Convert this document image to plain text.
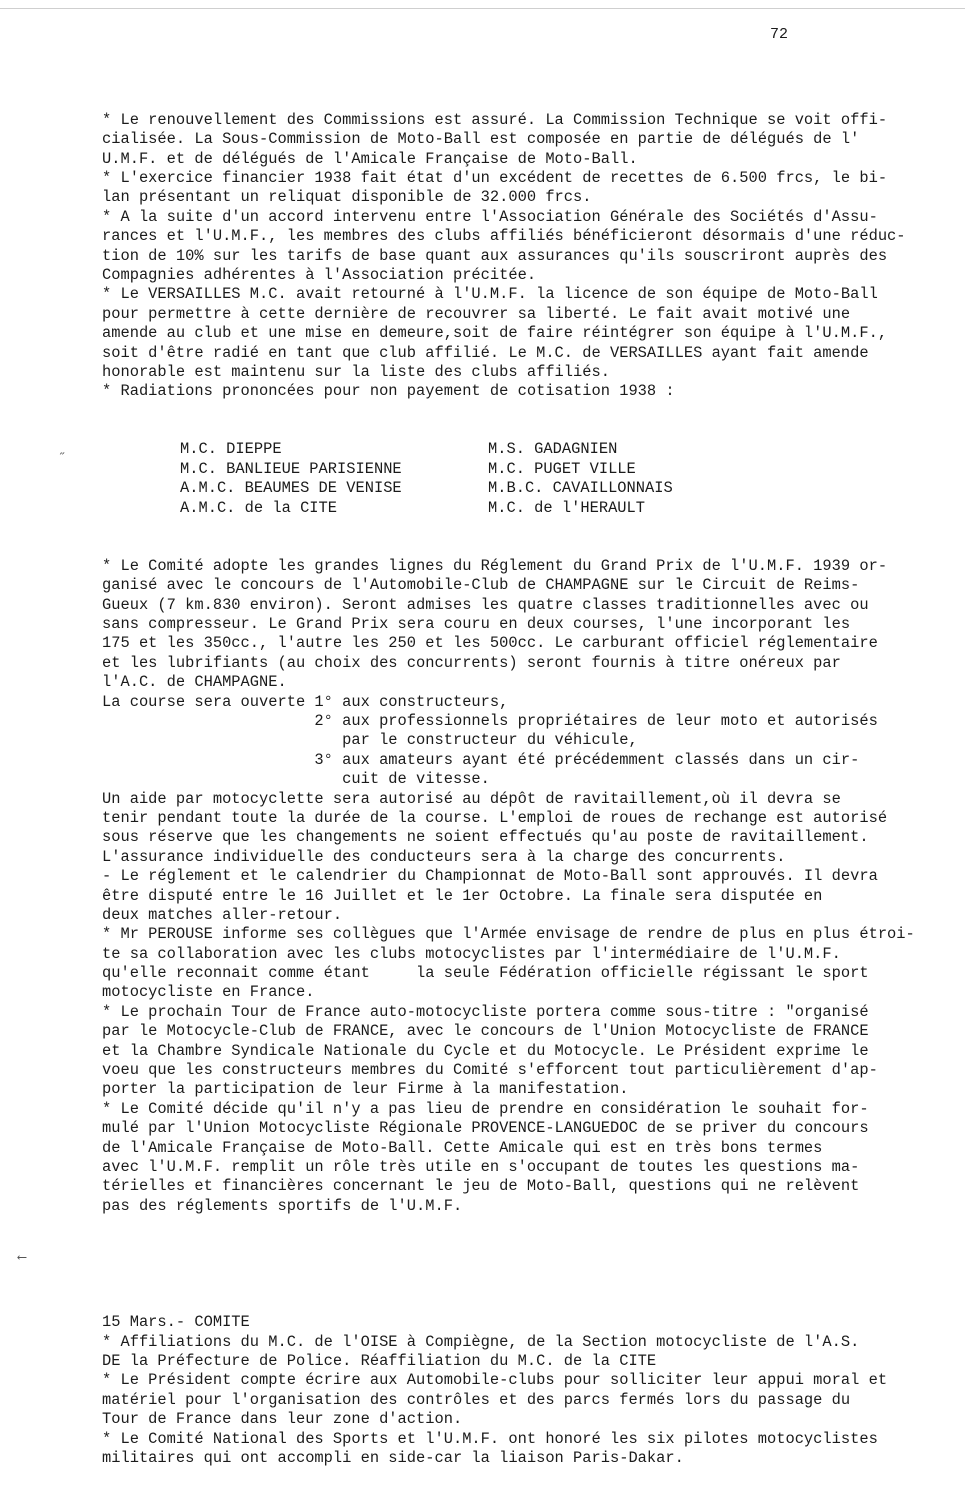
72

* Le renouvellement des Commissions est assuré. La Commission Technique se voit offi-
cialisée. La Sous-Commission de Moto-Ball est composée en partie de délégués de l'
U.M.F. et de délégués de l'Amicale Française de Moto-Ball.
* L'exercice financier 1938 fait état d'un excédent de recettes de 6.500 frcs, le bi-
lan présentant un reliquat disponible de 32.000 frcs.
* A la suite d'un accord intervenu entre l'Association Générale des Sociétés d'Assu-
rances et l'U.M.F., les membres des clubs affiliés bénéficieront désormais d'une réduc-
tion de 10% sur les tarifs de base quant aux assurances qu'ils souscriront auprès des
Compagnies adhérentes à l'Association précitée.
* Le VERSAILLES M.C. avait retourné à l'U.M.F. la licence de son équipe de Moto-Ball
pour permettre à cette dernière de recouvrer sa liberté. Le fait avait motivé une
amende au club et une mise en demeure,soit de faire réintégrer son équipe à l'U.M.F.,
soit d'être radié en tant que club affilié. Le M.C. de VERSAILLES ayant fait amende
honorable est maintenu sur la liste des clubs affiliés.
* Radiations prononcées pour non payement de cotisation 1938 :

M.C. DIEPPE	M.S. GADAGNIEN
M.C. BANLIEUE PARISIENNE	M.C. PUGET VILLE
A.M.C. BEAUMES DE VENISE	M.B.C. CAVAILLONNAIS
A.M.C. de la CITE	M.C. de l'HERAULT

* Le Comité adopte les grandes lignes du Réglement du Grand Prix de l'U.M.F. 1939 or-
ganisé avec le concours de l'Automobile-Club de CHAMPAGNE sur le Circuit de Reims-
Gueux (7 km.830 environ). Seront admises les quatre classes traditionnelles avec ou
sans compresseur. Le Grand Prix sera couru en deux courses, l'une incorporant les
175 et les 350cc., l'autre les 250 et les 500cc. Le carburant officiel réglementaire
et les lubrifiants (au choix des concurrents) seront fournis à titre onéreux par
l'A.C. de CHAMPAGNE.
La course sera ouverte 1° aux constructeurs,
2° aux professionnels propriétaires de leur moto et autorisés
par le constructeur du véhicule,
3° aux amateurs ayant été précédemment classés dans un cir-
cuit de vitesse.
Un aide par motocyclette sera autorisé au dépôt de ravitaillement,où il devra se
tenir pendant toute la durée de la course. L'emploi de roues de rechange est autorisé
sous réserve que les changements ne soient effectués qu'au poste de ravitaillement.
L'assurance individuelle des conducteurs sera à la charge des concurrents.
- Le réglement et le calendrier du Championnat de Moto-Ball sont approuvés. Il devra
être disputé entre le 16 Juillet et le 1er Octobre. La finale sera disputée en
deux matches aller-retour.
* Mr PEROUSE informe ses collègues que l'Armée envisage de rendre de plus en plus étroi-
te sa collaboration avec les clubs motocyclistes par l'intermédiaire de l'U.M.F.
qu'elle reconnait comme étant     la seule Fédération officielle régissant le sport
motocycliste en France.
* Le prochain Tour de France auto-motocycliste portera comme sous-titre : "organisé
par le Motocycle-Club de FRANCE, avec le concours de l'Union Motocycliste de FRANCE
et la Chambre Syndicale Nationale du Cycle et du Motocycle. Le Président exprime le
voeu que les constructeurs membres du Comité s'efforcent tout particulièrement d'ap-
porter la participation de leur Firme à la manifestation.
* Le Comité décide qu'il n'y a pas lieu de prendre en considération le souhait for-
mulé par l'Union Motocycliste Régionale PROVENCE-LANGUEDOC de se priver du concours
de l'Amicale Française de Moto-Ball. Cette Amicale qui est en très bons termes
avec l'U.M.F. remplit un rôle très utile en s'occupant de toutes les questions ma-
térielles et financières concernant le jeu de Moto-Ball, questions qui ne relèvent
pas des réglements sportifs de l'U.M.F.

15 Mars.- COMITE
* Affiliations du M.C. de l'OISE à Compiègne, de la Section motocycliste de l'A.S.
DE la Préfecture de Police. Réaffiliation du M.C. de la CITE
* Le Président compte écrire aux Automobile-clubs pour solliciter leur appui moral et
matériel pour l'organisation des contrôles et des parcs fermés lors du passage du
Tour de France dans leur zone d'action.
* Le Comité National des Sports et l'U.M.F. ont honoré les six pilotes motocyclistes
militaires qui ont accompli en side-car la liaison Paris-Dakar.

˶
⟵
